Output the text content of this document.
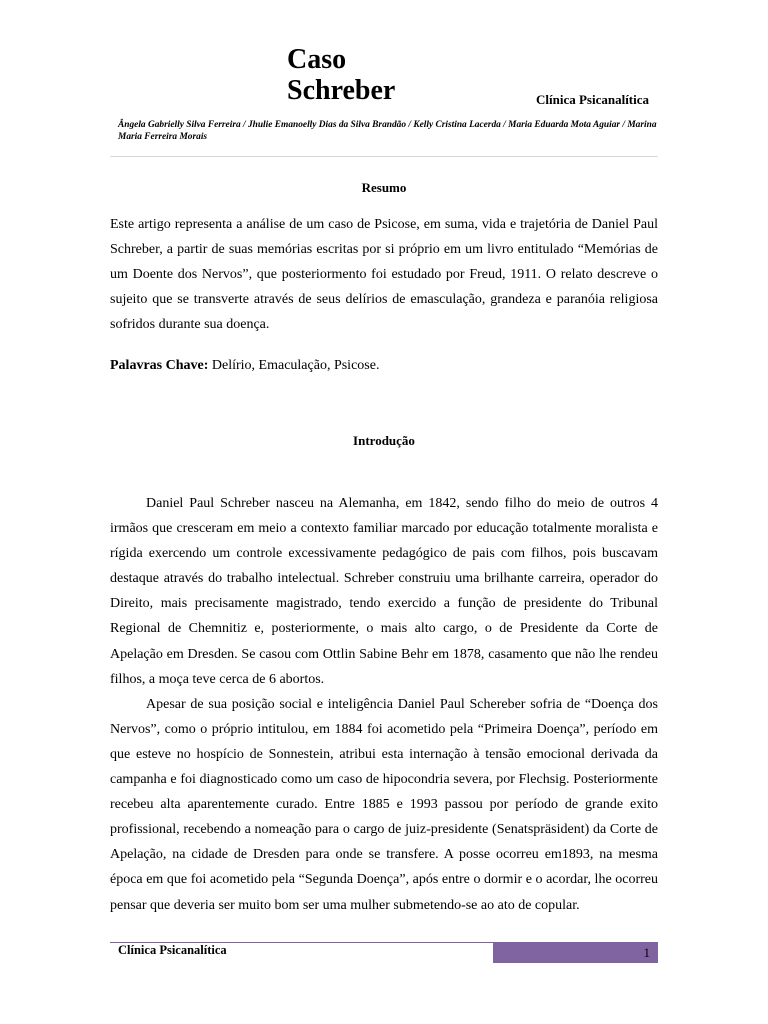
Caso
Schreber	Clínica Psicanalítica

Ângela Gabrielly Silva Ferreira / Jhulie Emanoelly Dias da Silva Brandão / Kelly Cristina Lacerda / Maria Eduarda Mota Aguiar / Marina Maria Ferreira Morais

Resumo

Este artigo representa a análise de um caso de Psicose, em suma, vida e trajetória de Daniel Paul Schreber, a partir de suas memórias escritas por si próprio em um livro entitulado “Memórias de um Doente dos Nervos”, que posteriormento foi estudado por Freud, 1911. O relato descreve o sujeito que se transverte através de seus delírios de emasculação, grandeza e paranóia religiosa sofridos durante sua doença.

Palavras Chave: Delírio, Emaculação, Psicose.

Introdução

Daniel Paul Schreber nasceu na Alemanha, em 1842, sendo filho do meio de outros 4 irmãos que cresceram em meio a contexto familiar marcado por educação totalmente moralista e rígida exercendo um controle excessivamente pedagógico de pais com filhos, pois buscavam destaque através do trabalho intelectual. Schreber construiu uma brilhante carreira, operador do Direito, mais precisamente magistrado, tendo exercido a função de presidente do Tribunal Regional de Chemnitiz e, posteriormente, o mais alto cargo, o de Presidente da Corte de Apelação em Dresden. Se casou com Ottlin Sabine Behr em 1878, casamento que não lhe rendeu filhos, a moça teve cerca de 6 abortos.

Apesar de sua posição social e inteligência Daniel Paul Schereber sofria de “Doença dos Nervos”, como o próprio intitulou, em 1884 foi acometido pela “Primeira Doença”, período em que esteve no hospício de Sonnestein, atribui esta internação à tensão emocional derivada da campanha e foi diagnosticado como um caso de hipocondria severa, por Flechsig. Posteriormente recebeu alta aparentemente curado. Entre 1885 e 1993 passou por período de grande exito profissional, recebendo a nomeação para o cargo de juiz-presidente (Senatspräsident) da Corte de Apelação, na cidade de Dresden para onde se transfere. A posse ocorreu em1893, na mesma época em que foi acometido pela “Segunda Doença”, após entre o dormir e o acordar, lhe ocorreu pensar que deveria ser muito bom ser uma mulher submetendo-se ao ato de copular.

Clínica Psicanalítica	1
